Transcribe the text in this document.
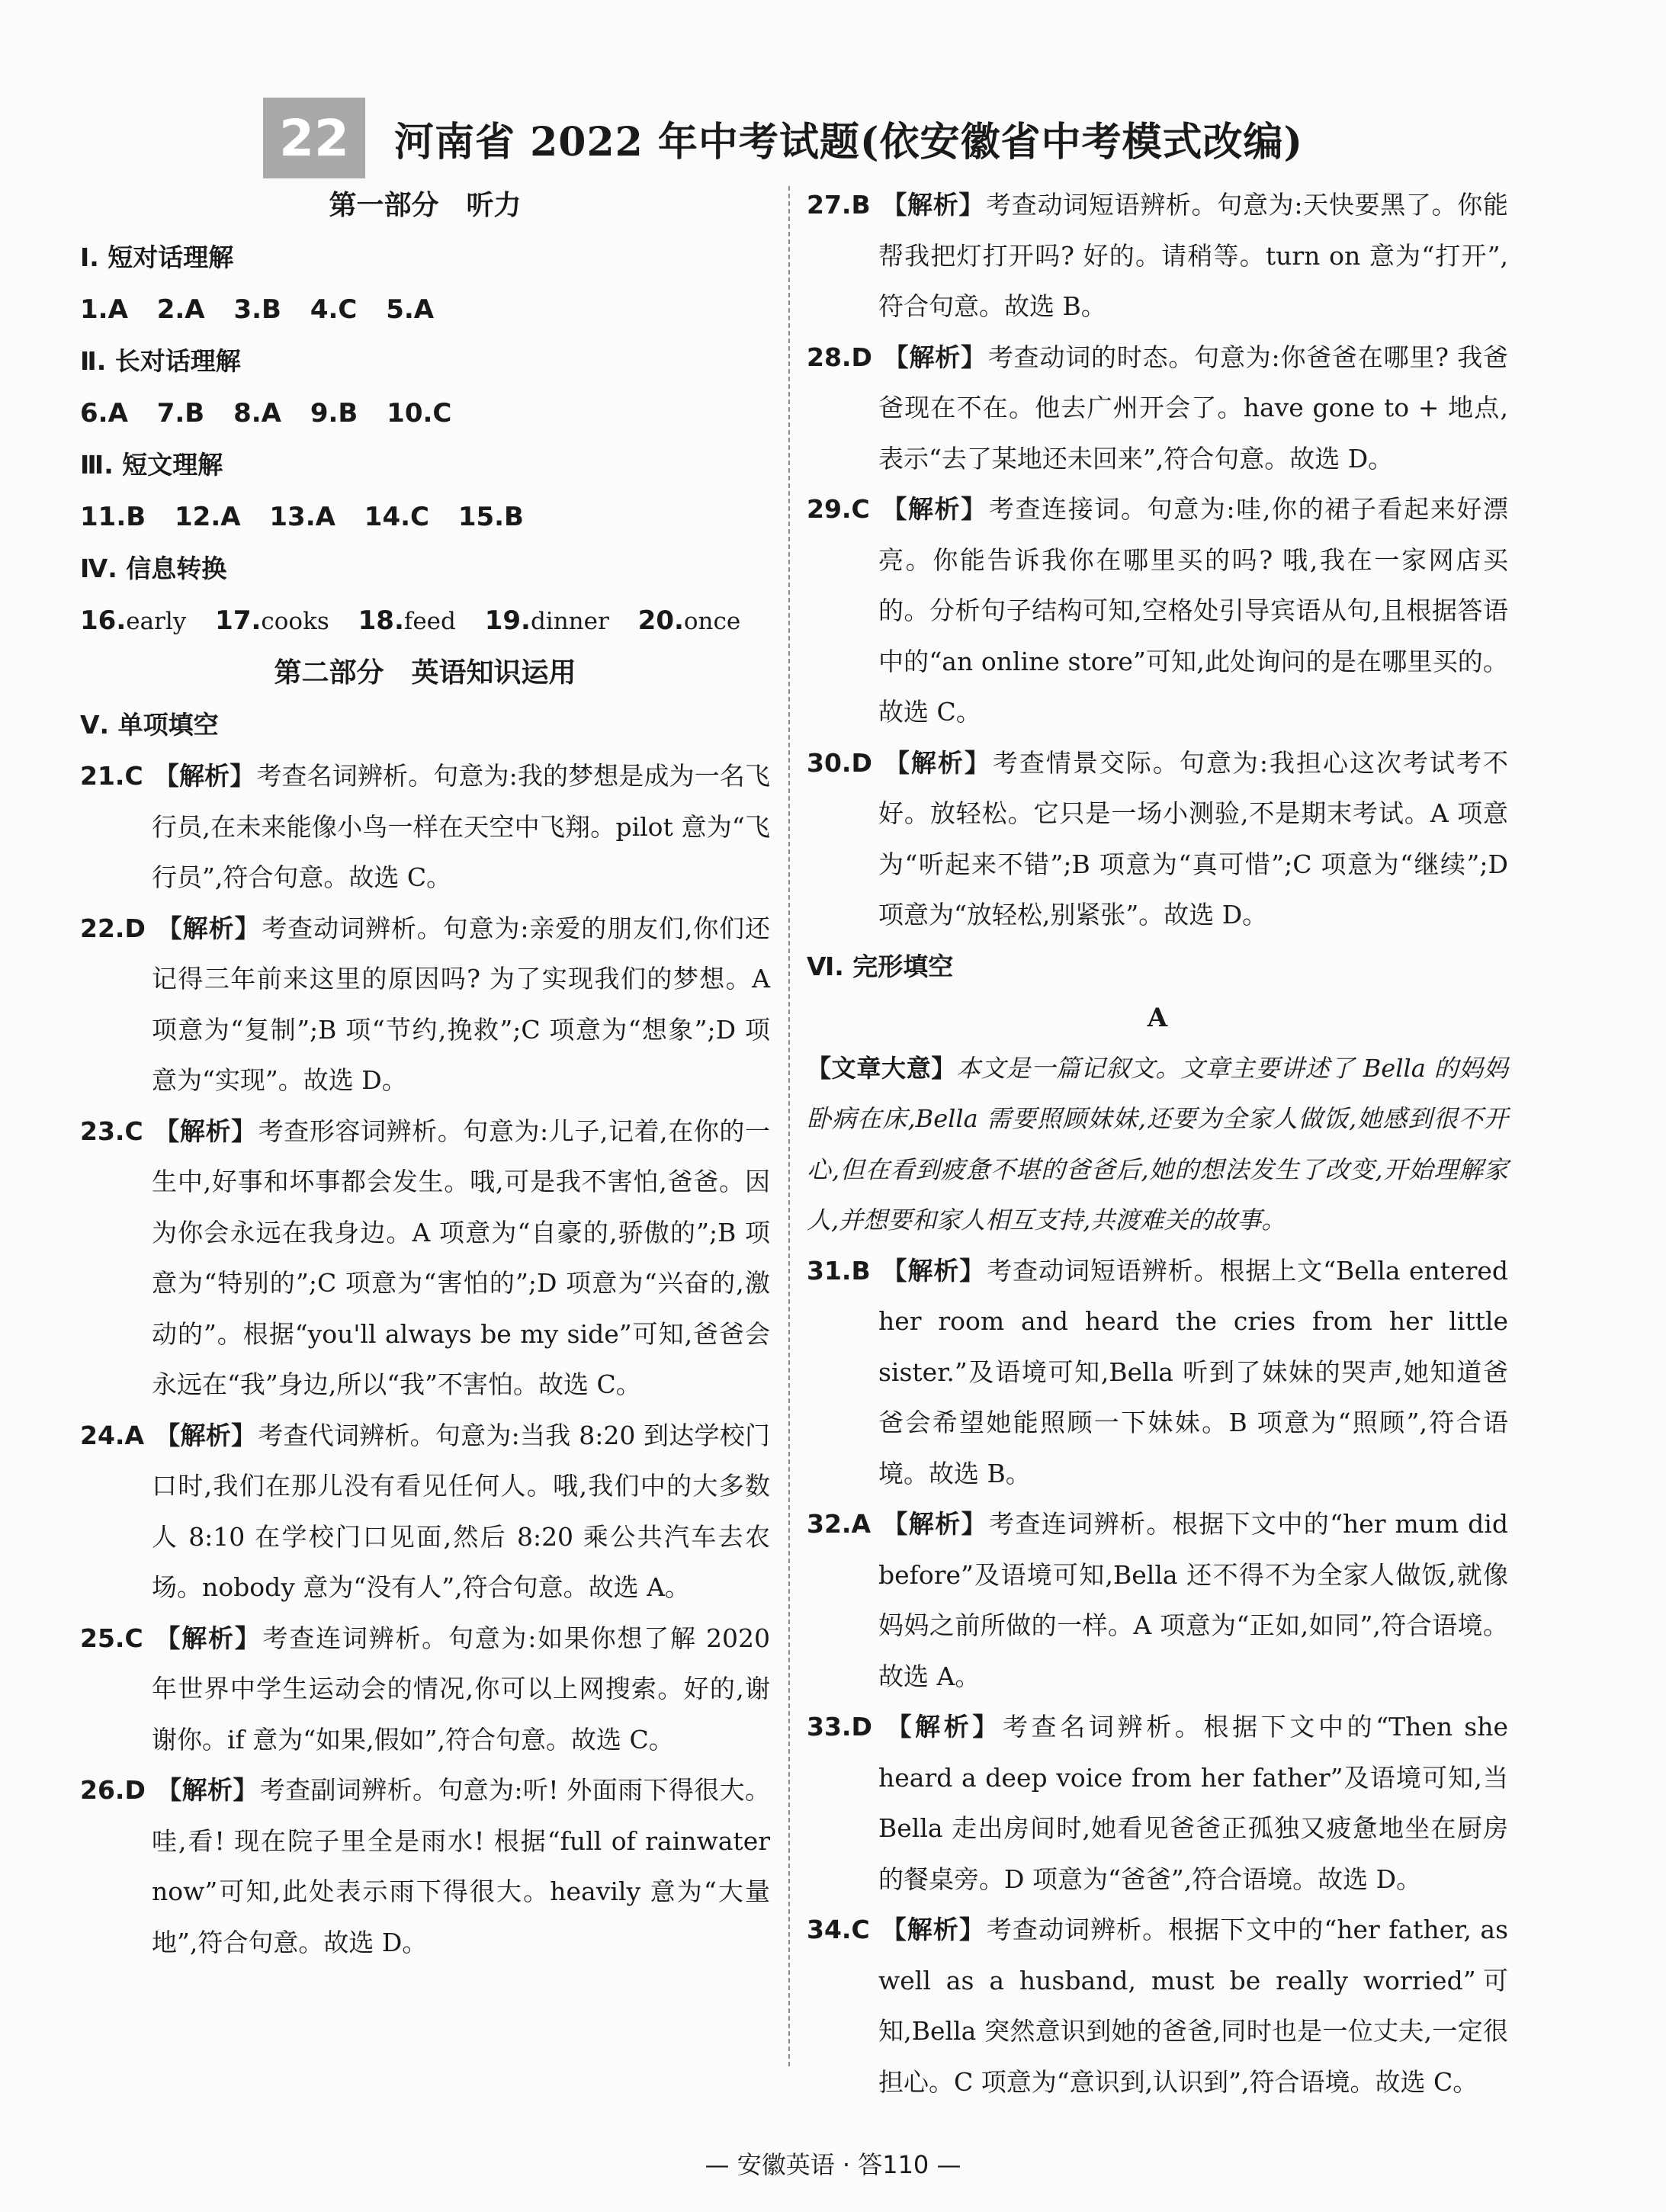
22	河南省 2022 年中考试题(依安徽省中考模式改编)
第一部分　听力
Ⅰ. 短对话理解
1.A 2.A 3.B 4.C 5.A
Ⅱ. 长对话理解
6.A 7.B 8.A 9.B 10.C
Ⅲ. 短文理解
11.B 12.A 13.A 14.C 15.B
Ⅳ. 信息转换
16.early 17.cooks 18.feed 19.dinner 20.once
第二部分　英语知识运用
Ⅴ. 单项填空
21.C 【解析】考查名词辨析。句意为:我的梦想是成为一名飞行员,在未来能像小鸟一样在天空中飞翔。pilot 意为“飞行员”,符合句意。故选 C。
22.D 【解析】考查动词辨析。句意为:亲爱的朋友们,你们还记得三年前来这里的原因吗? 为了实现我们的梦想。A 项意为“复制”;B 项“节约,挽救”;C 项意为“想象”;D 项意为“实现”。故选 D。
23.C 【解析】考查形容词辨析。句意为:儿子,记着,在你的一生中,好事和坏事都会发生。哦,可是我不害怕,爸爸。因为你会永远在我身边。A 项意为“自豪的,骄傲的”;B 项意为“特别的”;C 项意为“害怕的”;D 项意为“兴奋的,激动的”。根据“you'll always be my side”可知,爸爸会永远在“我”身边,所以“我”不害怕。故选 C。
24.A 【解析】考查代词辨析。句意为:当我 8:20 到达学校门口时,我们在那儿没有看见任何人。哦,我们中的大多数人 8:10 在学校门口见面,然后 8:20 乘公共汽车去农场。nobody 意为“没有人”,符合句意。故选 A。
25.C 【解析】考查连词辨析。句意为:如果你想了解 2020 年世界中学生运动会的情况,你可以上网搜索。好的,谢谢你。if 意为“如果,假如”,符合句意。故选 C。
26.D 【解析】考查副词辨析。句意为:听! 外面雨下得很大。哇,看! 现在院子里全是雨水! 根据“full of rainwater now”可知,此处表示雨下得很大。heavily 意为“大量地”,符合句意。故选 D。
27.B 【解析】考查动词短语辨析。句意为:天快要黑了。你能帮我把灯打开吗? 好的。请稍等。turn on 意为“打开”,符合句意。故选 B。
28.D 【解析】考查动词的时态。句意为:你爸爸在哪里? 我爸爸现在不在。他去广州开会了。have gone to + 地点,表示“去了某地还未回来”,符合句意。故选 D。
29.C 【解析】考查连接词。句意为:哇,你的裙子看起来好漂亮。你能告诉我你在哪里买的吗? 哦,我在一家网店买的。分析句子结构可知,空格处引导宾语从句,且根据答语中的“an online store”可知,此处询问的是在哪里买的。故选 C。
30.D 【解析】考查情景交际。句意为:我担心这次考试考不好。放轻松。它只是一场小测验,不是期末考试。A 项意为“听起来不错”;B 项意为“真可惜”;C 项意为“继续”;D 项意为“放轻松,别紧张”。故选 D。
Ⅵ. 完形填空
A
【文章大意】本文是一篇记叙文。文章主要讲述了 Bella 的妈妈卧病在床,Bella 需要照顾妹妹,还要为全家人做饭,她感到很不开心,但在看到疲惫不堪的爸爸后,她的想法发生了改变,开始理解家人,并想要和家人相互支持,共渡难关的故事。
31.B 【解析】考查动词短语辨析。根据上文“Bella entered her room and heard the cries from her little sister.”及语境可知,Bella 听到了妹妹的哭声,她知道爸爸会希望她能照顾一下妹妹。B 项意为“照顾”,符合语境。故选 B。
32.A 【解析】考查连词辨析。根据下文中的“her mum did before”及语境可知,Bella 还不得不为全家人做饭,就像妈妈之前所做的一样。A 项意为“正如,如同”,符合语境。故选 A。
33.D 【解析】考查名词辨析。根据下文中的“Then she heard a deep voice from her father”及语境可知,当 Bella 走出房间时,她看见爸爸正孤独又疲惫地坐在厨房的餐桌旁。D 项意为“爸爸”,符合语境。故选 D。
34.C 【解析】考查动词辨析。根据下文中的“her father, as well as a husband, must be really worried”可知,Bella 突然意识到她的爸爸,同时也是一位丈夫,一定很担心。C 项意为“意识到,认识到”,符合语境。故选 C。
— 安徽英语 · 答110 —
